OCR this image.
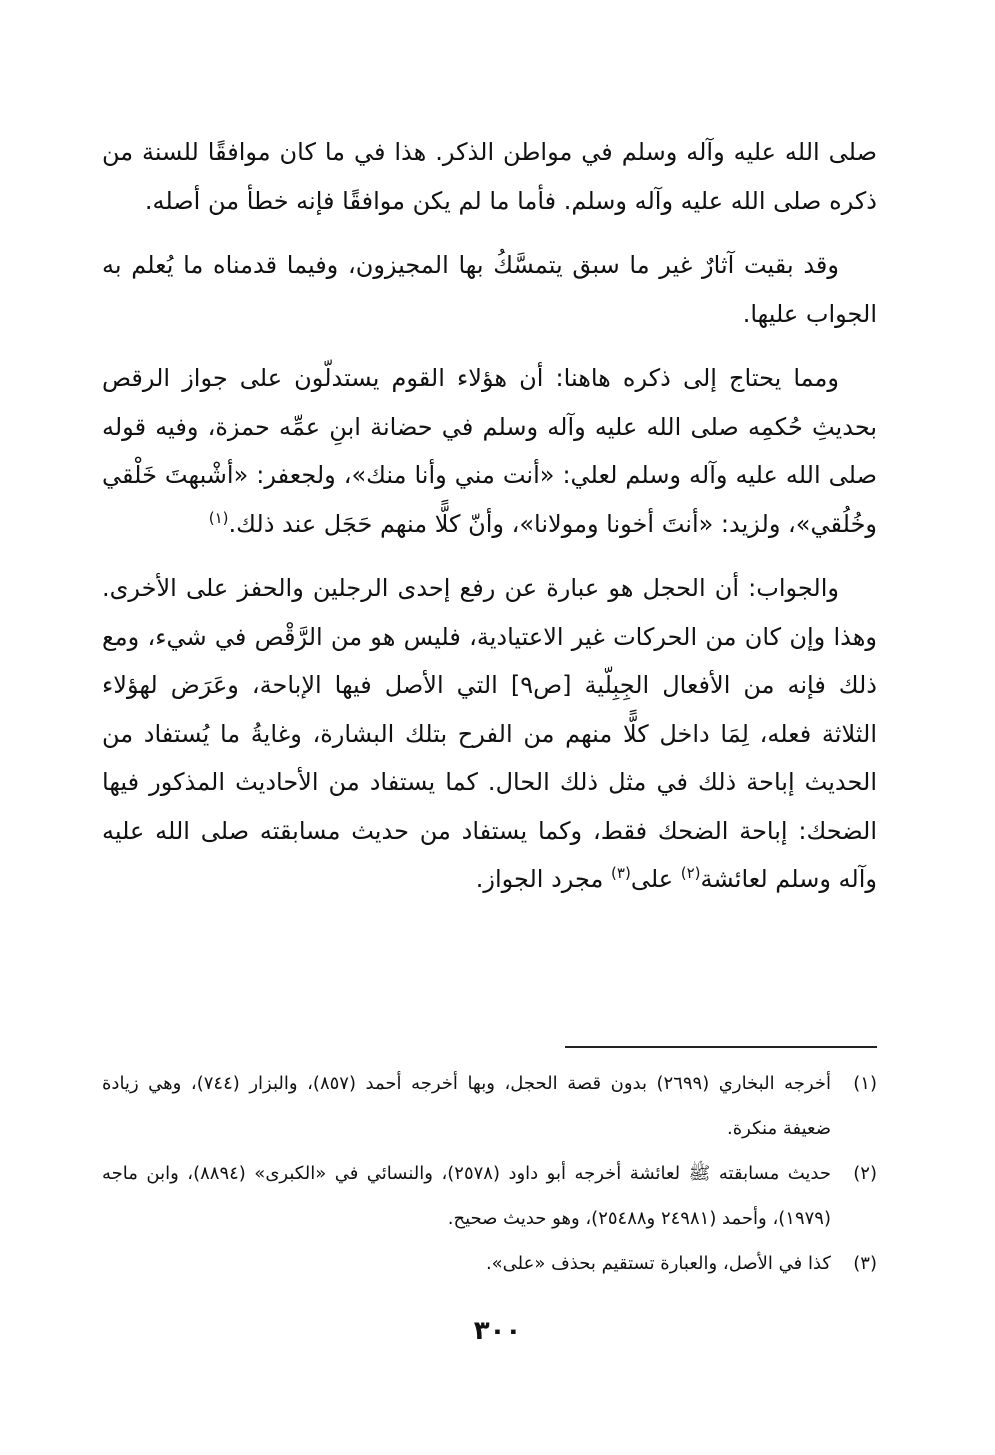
صلى الله عليه وآله وسلم في مواطن الذكر. هذا في ما كان موافقًا للسنة من ذكره صلى الله عليه وآله وسلم. فأما ما لم يكن موافقًا فإنه خطأ من أصله.

وقد بقيت آثارٌ غير ما سبق يتمسَّكُ بها المجيزون، وفيما قدمناه ما يُعلم به الجواب عليها.

ومما يحتاج إلى ذكره هاهنا: أن هؤلاء القوم يستدلّون على جواز الرقص بحديثِ حُكمِه صلى الله عليه وآله وسلم في حضانة ابنِ عمِّه حمزة، وفيه قوله صلى الله عليه وآله وسلم لعلي: «أنت مني وأنا منك»، ولجعفر: «أشْبهتَ خَلْقي وخُلُقي»، ولزيد: «أنتَ أخونا ومولانا»، وأنّ كلًّا منهم حَجَل عند ذلك.$^{(١)}$

والجواب: أن الحجل هو عبارة عن رفع إحدى الرجلين والحفز على الأخرى. وهذا وإن كان من الحركات غير الاعتيادية، فليس هو من الرَّقْص في شيء، ومع ذلك فإنه من الأفعال الجِبِلّية [ص٩] التي الأصل فيها الإباحة، وعَرَض لهؤلاء الثلاثة فعله، لِمَا داخل كلًّا منهم من الفرح بتلك البشارة، وغايةُ ما يُستفاد من الحديث إباحة ذلك في مثل ذلك الحال. كما يستفاد من الأحاديث المذكور فيها الضحك: إباحة الضحك فقط، وكما يستفاد من حديث مسابقته صلى الله عليه وآله وسلم لعائشة$^{(٢)}$ على$^{(٣)}$ مجرد الجواز.

(١)
أخرجه البخاري (٢٦٩٩) بدون قصة الحجل، وبها أخرجه أحمد (٨٥٧)، والبزار (٧٤٤)، وهي زيادة ضعيفة منكرة.
(٢)
حديث مسابقته ﷺ لعائشة أخرجه أبو داود (٢٥٧٨)، والنسائي في «الكبرى» (٨٨٩٤)، وابن ماجه (١٩٧٩)، وأحمد (٢٤٩٨١ و٢٥٤٨٨)، وهو حديث صحيح.
(٣)
كذا في الأصل، والعبارة تستقيم بحذف «على».
٣٠٠
